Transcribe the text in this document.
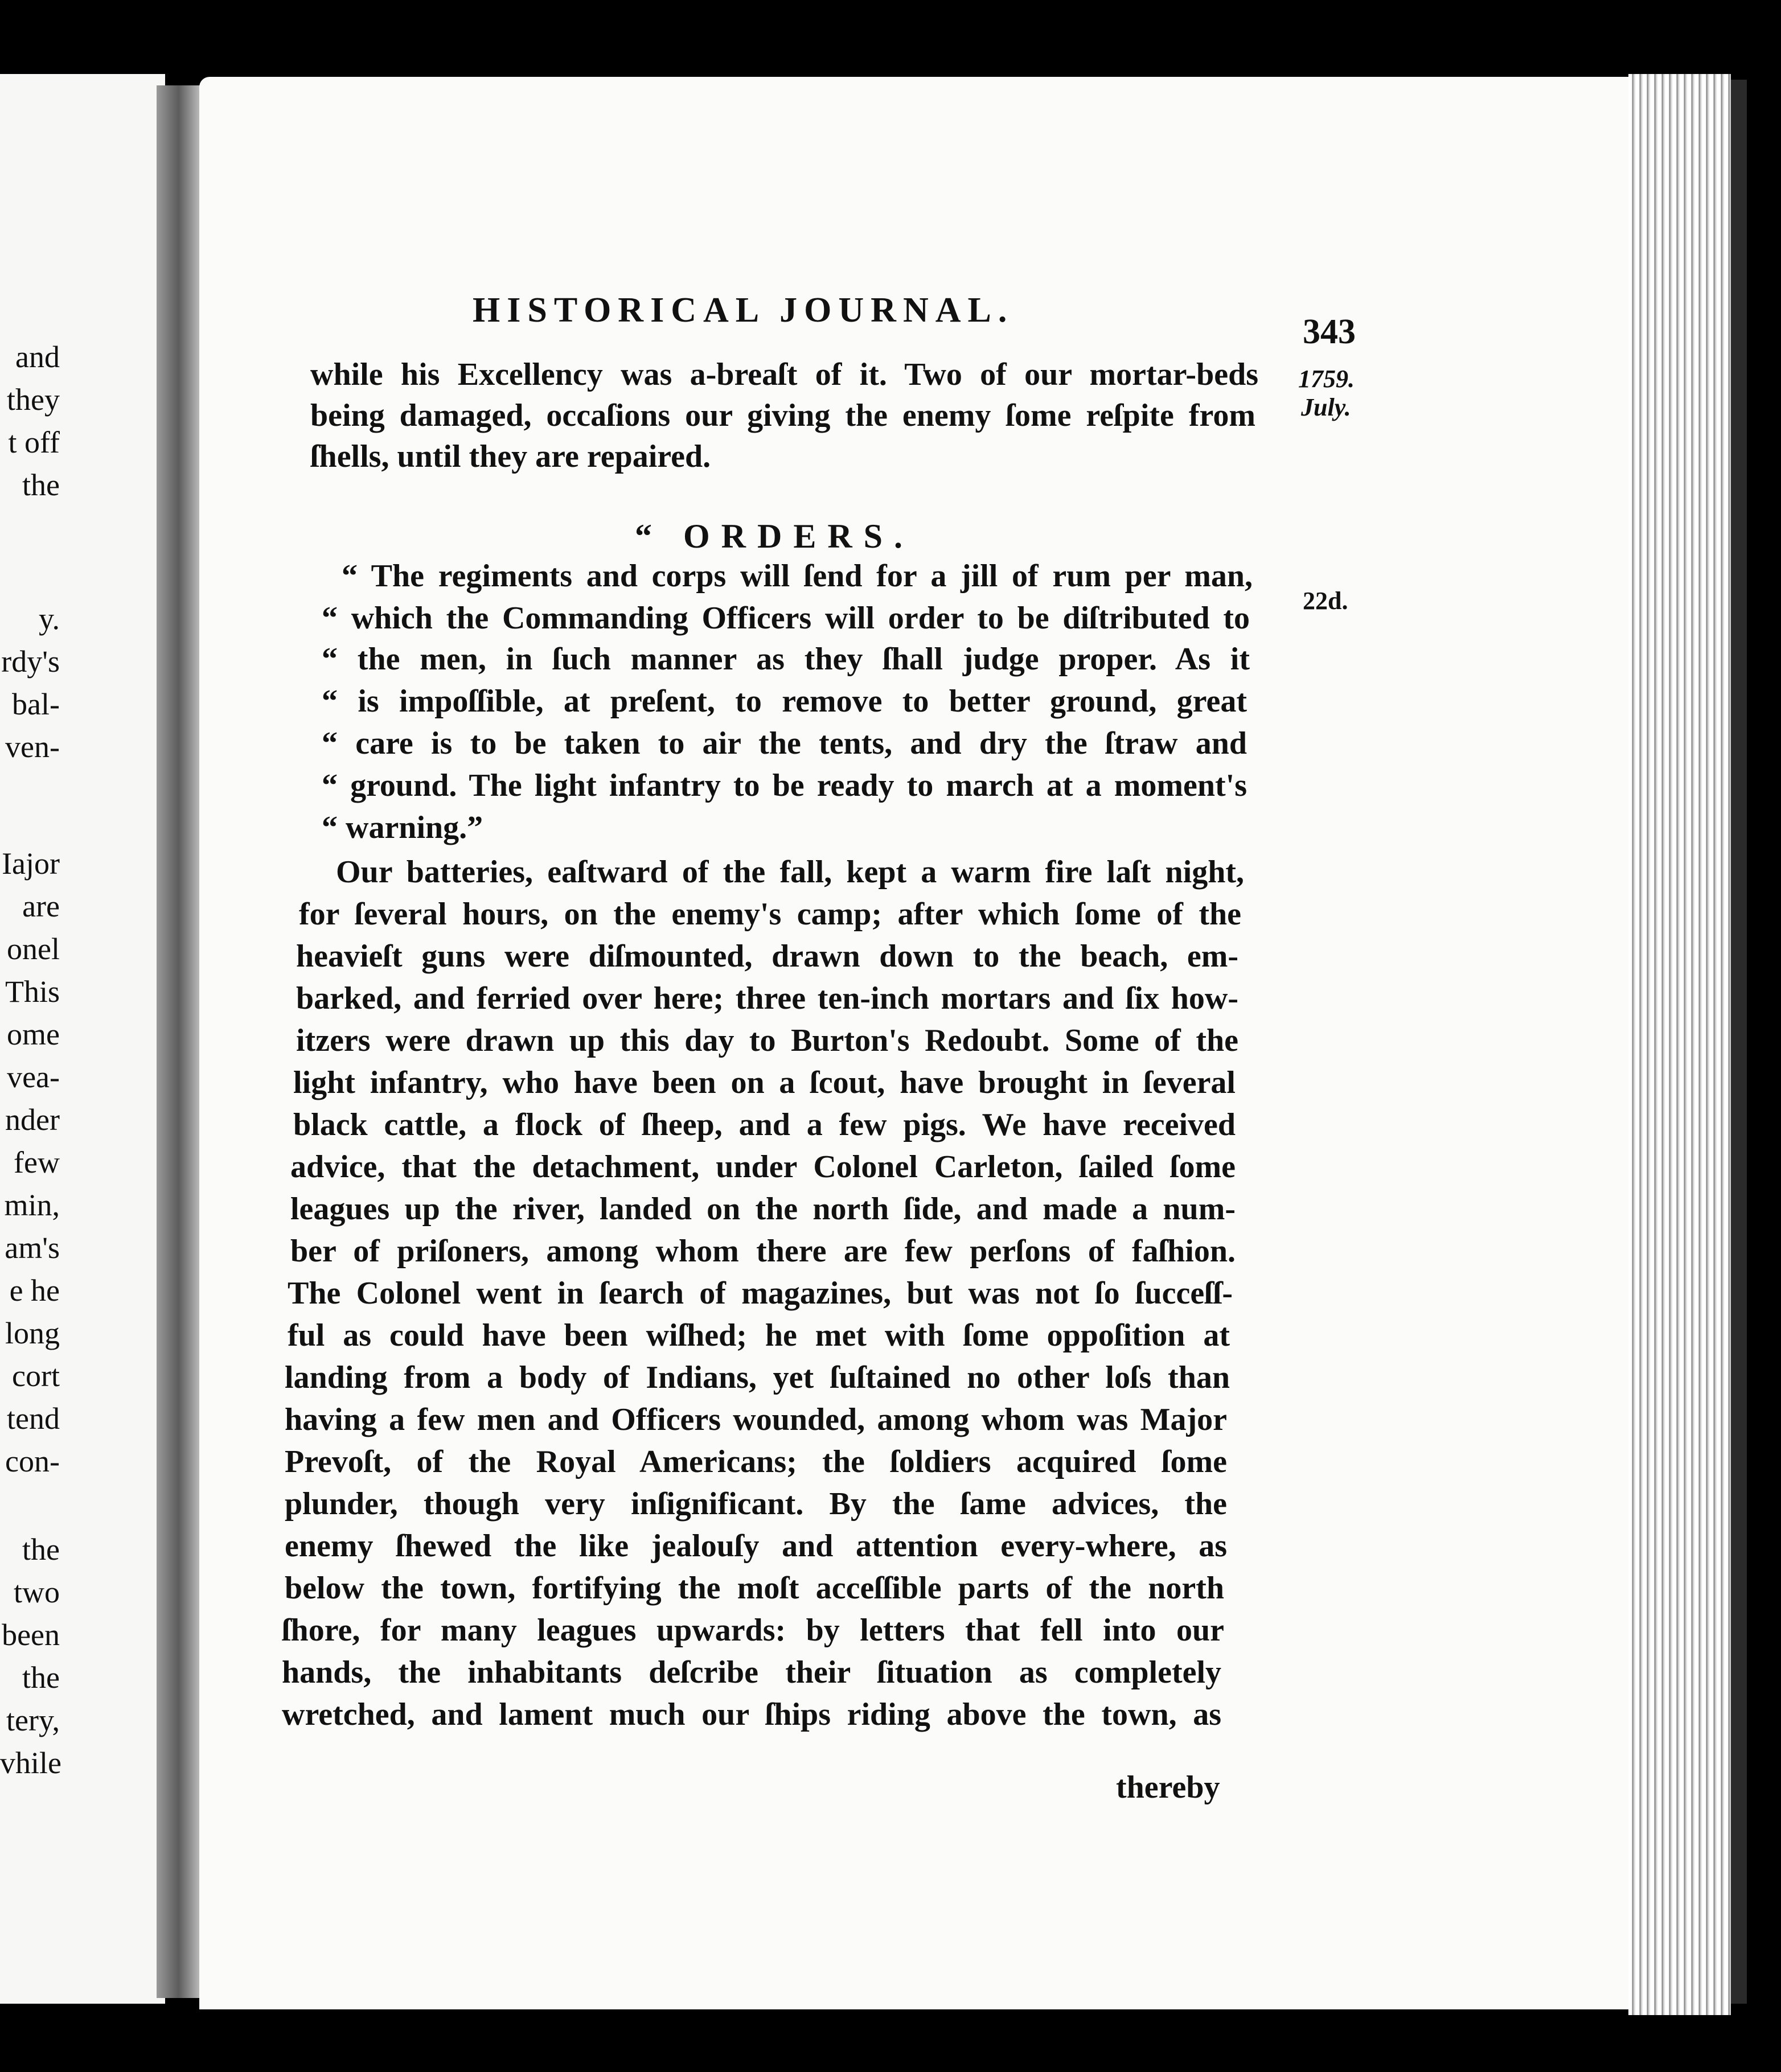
and
they
t off
the
y.
rdy's
bal-
ven-
Iajor
are
onel
This
ome
vea-
nder
few
min,
am's
e he
long
cort
tend
con-
the
two
been
the
tery,
vhile
HISTORICAL JOURNAL.
343
1759.
July.
22d.
“ ORDERS.
while his Excellency was a-breaſt of it. Two of our mortar-beds
being damaged, occaſions our giving the enemy ſome reſpite from
ſhells, until they are repaired.
“ The regiments and corps will ſend for a jill of rum per man,
“ which the Commanding Officers will order to be diſtributed to
“ the men, in ſuch manner as they ſhall judge proper. As it
“ is impoſſible, at preſent, to remove to better ground, great
“ care is to be taken to air the tents, and dry the ſtraw and
“ ground. The light infantry to be ready to march at a moment's
“ warning.”
Our batteries, eaſtward of the fall, kept a warm fire laſt night,
for ſeveral hours, on the enemy's camp; after which ſome of the
heavieſt guns were diſmounted, drawn down to the beach, em-
barked, and ferried over here; three ten-inch mortars and ſix how-
itzers were drawn up this day to Burton's Redoubt. Some of the
light infantry, who have been on a ſcout, have brought in ſeveral
black cattle, a flock of ſheep, and a few pigs. We have received
advice, that the detachment, under Colonel Carleton, ſailed ſome
leagues up the river, landed on the north ſide, and made a num-
ber of priſoners, among whom there are few perſons of faſhion.
The Colonel went in ſearch of magazines, but was not ſo ſucceſſ-
ful as could have been wiſhed; he met with ſome oppoſition at
landing from a body of Indians, yet ſuſtained no other loſs than
having a few men and Officers wounded, among whom was Major
Prevoſt, of the Royal Americans; the ſoldiers acquired ſome
plunder, though very inſignificant. By the ſame advices, the
enemy ſhewed the like jealouſy and attention every-where, as
below the town, fortifying the moſt acceſſible parts of the north
ſhore, for many leagues upwards: by letters that fell into our
hands, the inhabitants deſcribe their ſituation as completely
wretched, and lament much our ſhips riding above the town, as
thereby
